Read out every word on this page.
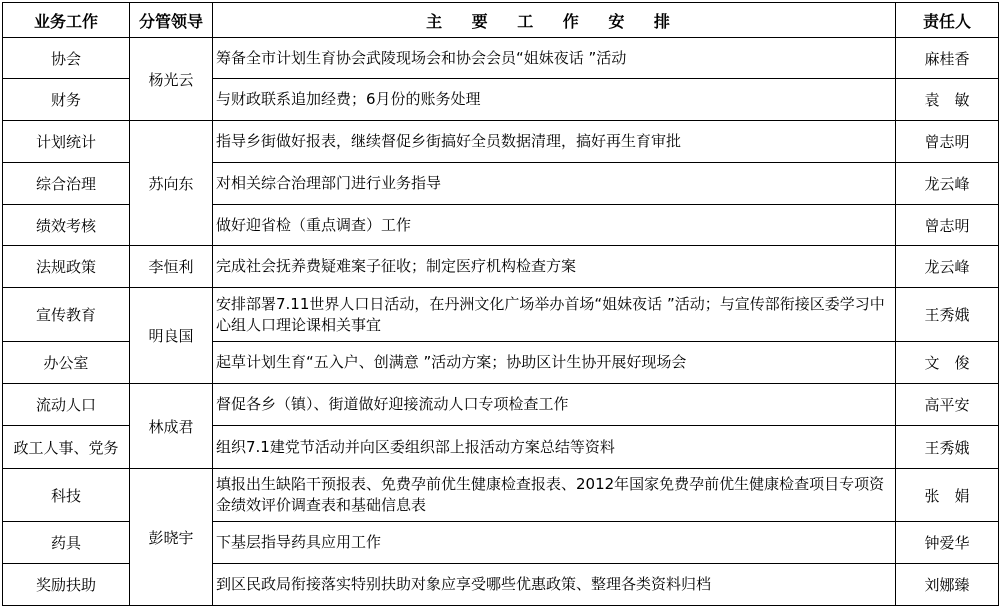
业务工作	分管领导	主 要 工 作 安 排	责任人
协会	杨光云	筹备全市计划生育协会武陵现场会和协会会员“姐妹夜话 ”活动	麻桂香
财务		与财政联系追加经费；6月份的账务处理	袁　敏
计划统计	苏向东	指导乡街做好报表，继续督促乡街搞好全员数据清理，搞好再生育审批	曾志明
综合治理		对相关综合治理部门进行业务指导	龙云峰
绩效考核		做好迎省检（重点调查）工作	曾志明
法规政策	李恒利	完成社会抚养费疑难案子征收；制定医疗机构检查方案	龙云峰
宣传教育	明良国	安排部署7.11世界人口日活动，在丹洲文化广场举办首场“姐妹夜话 ”活动；与宣传部衔接区委学习中心组人口理论课相关事宜	王秀娥
办公室		起草计划生育“五入户、创满意 ”活动方案；协助区计生协开展好现场会	文　俊
流动人口	林成君	督促各乡（镇）、街道做好迎接流动人口专项检查工作	高平安
政工人事、党务		组织7.1建党节活动并向区委组织部上报活动方案总结等资料	王秀娥
科技	彭晓宇	填报出生缺陷干预报表、免费孕前优生健康检查报表、2012年国家免费孕前优生健康检查项目专项资金绩效评价调查表和基础信息表	张　娟
药具		下基层指导药具应用工作	钟爱华
奖励扶助		到区民政局衔接落实特别扶助对象应享受哪些优惠政策、整理各类资料归档	刘娜臻
